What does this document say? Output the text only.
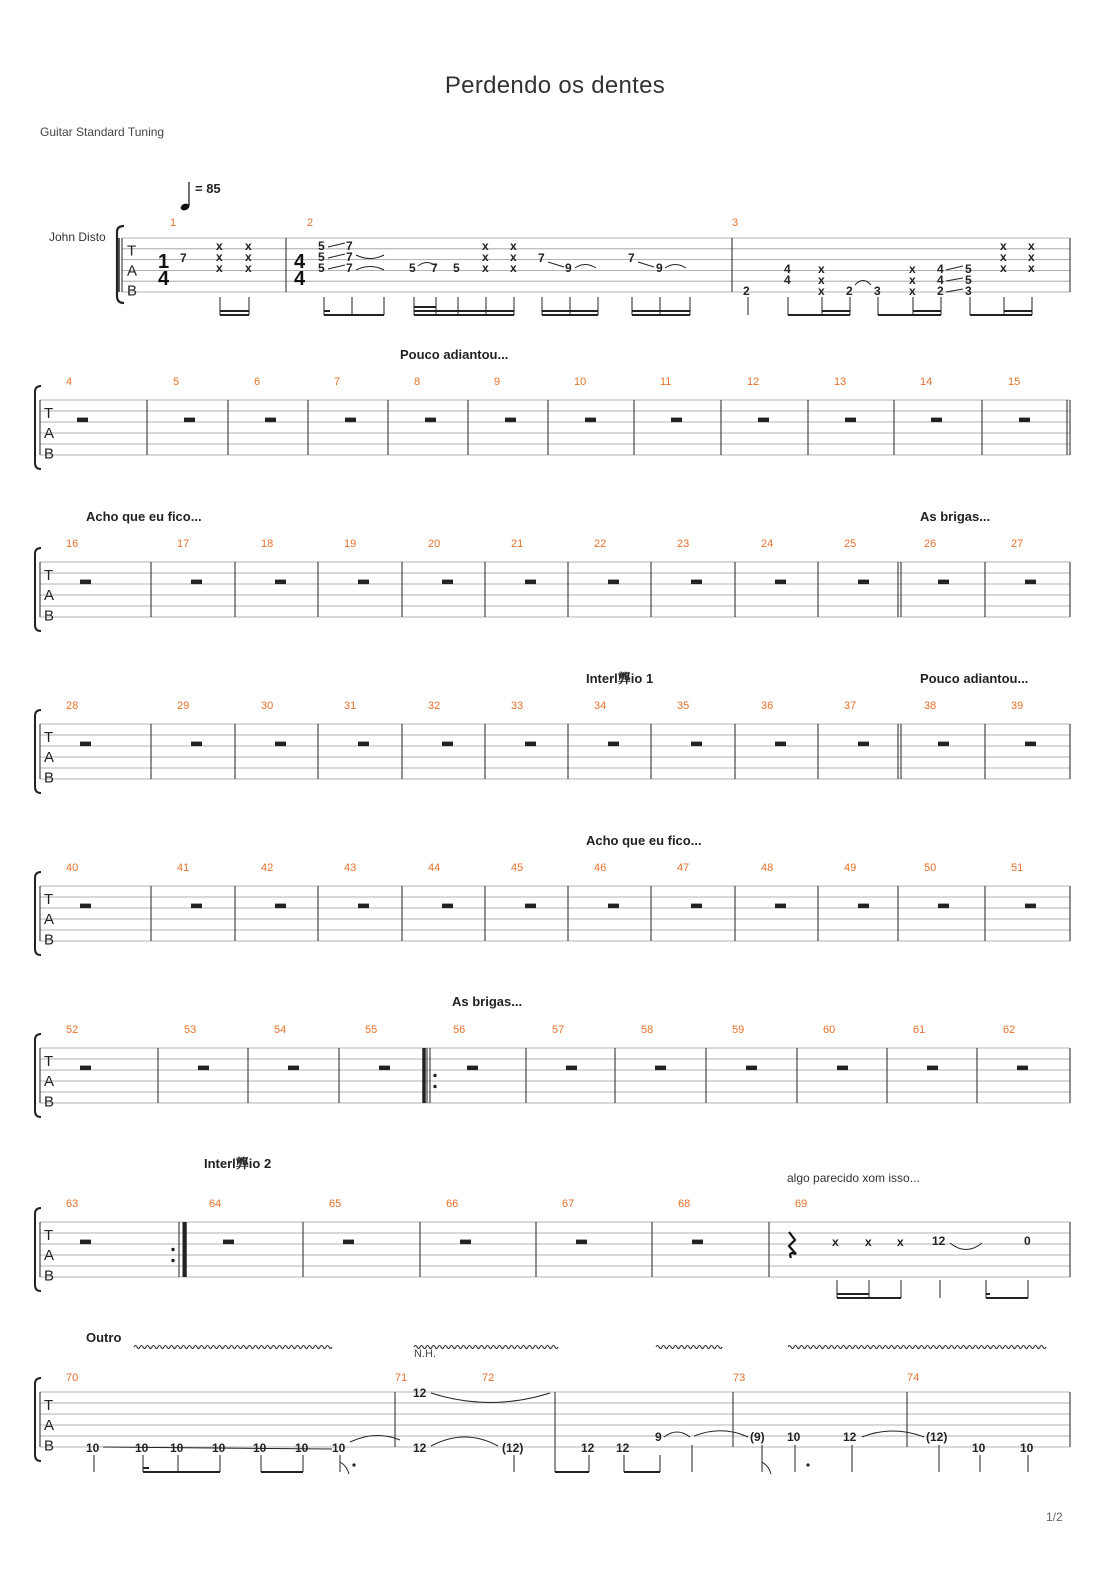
Perdendo os dentes
Guitar Standard Tuning
1/2
John Disto
= 85
T
A
B
1	2	3
1
4
4
4
7
x
x
x
x
x
x
5
5
5
7
7
7	5 7 5
x
x
x
x
x
x
7
9
7
9
2
4
4
x
x
x 2 3
x
x
x
4
4
2
5
5
3
x
x
x
x
x
x
T
A
B
4	5	6	7	8	9	10	11	12	13	14	15
T
A
B
16	17	18	19	20	21	22	23	24	25	26	27
T
A
B
28	29	30	31	32	33	34	35	36	37	38	39
T
A
B
40	41	42	43	44	45	46	47	48	49	50	51
T
A
B
52	53	54	55	56	57	58	59	60	61	62
T
A
B
63	64	65	66	67	68	69
T
A
B
70	71	72	73	74
Pouco adiantou...
Acho que eu fico...	As brigas...
Interl龏io 1	Pouco adiantou...
Acho que eu fico...
As brigas...
Interl龏io 2
Outro
algo parecido xom isso...
N.H.
x x x 12	0
10	10 10 10 10 10 10
12
12	(12)	12 12
9	(9) 10	12	(12)
10	10
